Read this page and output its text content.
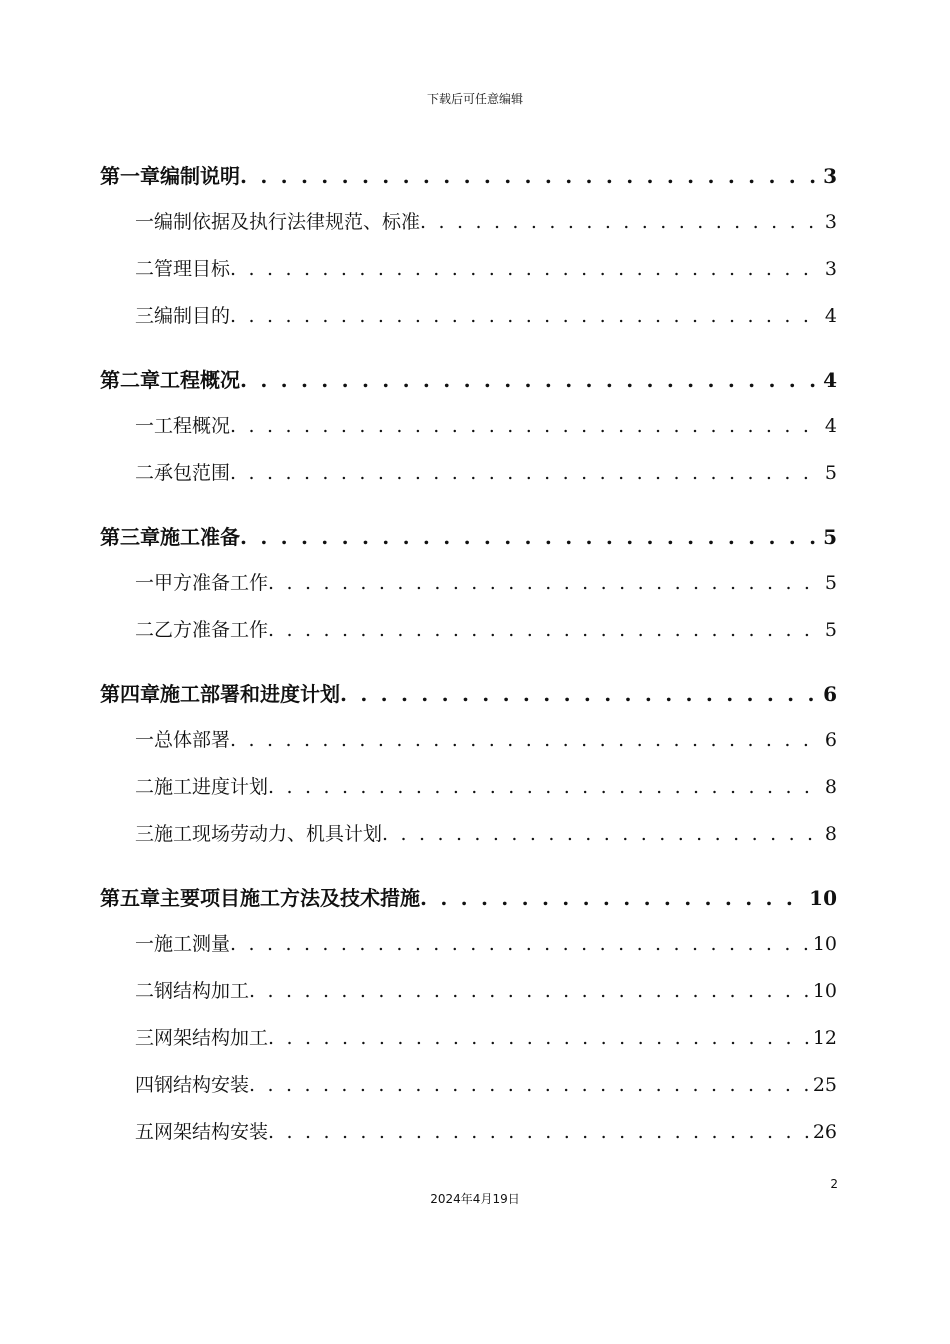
下载后可任意编辑
第一章 编制说明 . . .	3
一 编制依据及执行法律规范、标准 . . .	3
二 管理目标 . . .	3
三 编制目的 . . .	4
第二章 工程概况 . . .	4
一 工程概况 . . .	4
二 承包范围 . . .	5
第三章 施工准备 . . .	5
一 甲方准备工作 . . .	5
二 乙方准备工作 . . .	5
第四章 施工部署和进度计划 . . .	6
一 总体部署 . . .	6
二 施工进度计划 . . .	8
三 施工现场劳动力、机具计划 . . .	8
第五章 主要项目施工方法及技术措施 . . .	10
一 施工测量 . . .	10
二 钢结构加工 . . .	10
三 网架结构加工 . . .	12
四 钢结构安装 . . .	25
五 网架结构安装 . . .	26
2
2024年4月19日
